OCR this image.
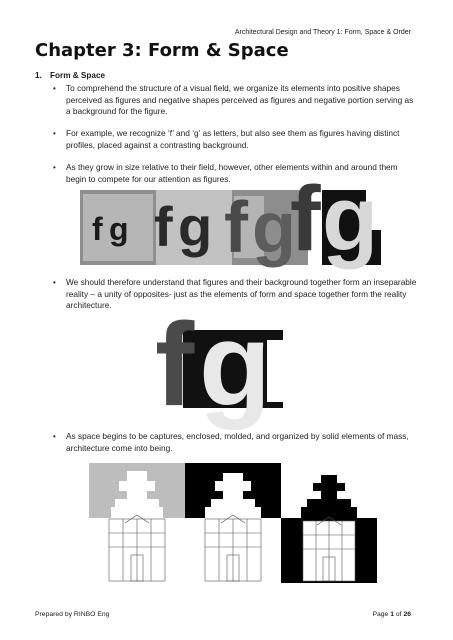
Architectural Design and Theory 1: Form, Space & Order
Chapter 3: Form & Space
1. Form & Space
• To comprehend the structure of a visual field, we organize its elements into positive shapes perceived as figures and negative shapes perceived as figures and negative portion serving as a background for the figure.
• For example, we recognize ‘f’ and ‘g’ as letters, but also see them as figures having distinct profiles, placed against a contrasting background.
• As they grow in size relative to their field, however, other elements within and around them begin to compete for our attention as figures.
f g f g f g
f g
• We should therefore understand that figures and their background together form an inseparable reality – a unity of opposites- just as the elements of form and space together form the reality architecture. f g
• As space begins to be captures, enclosed, molded, and organized by solid elements of mass, architecture come into being.
Prepared by RINBO Eng	Page 1 of 26
